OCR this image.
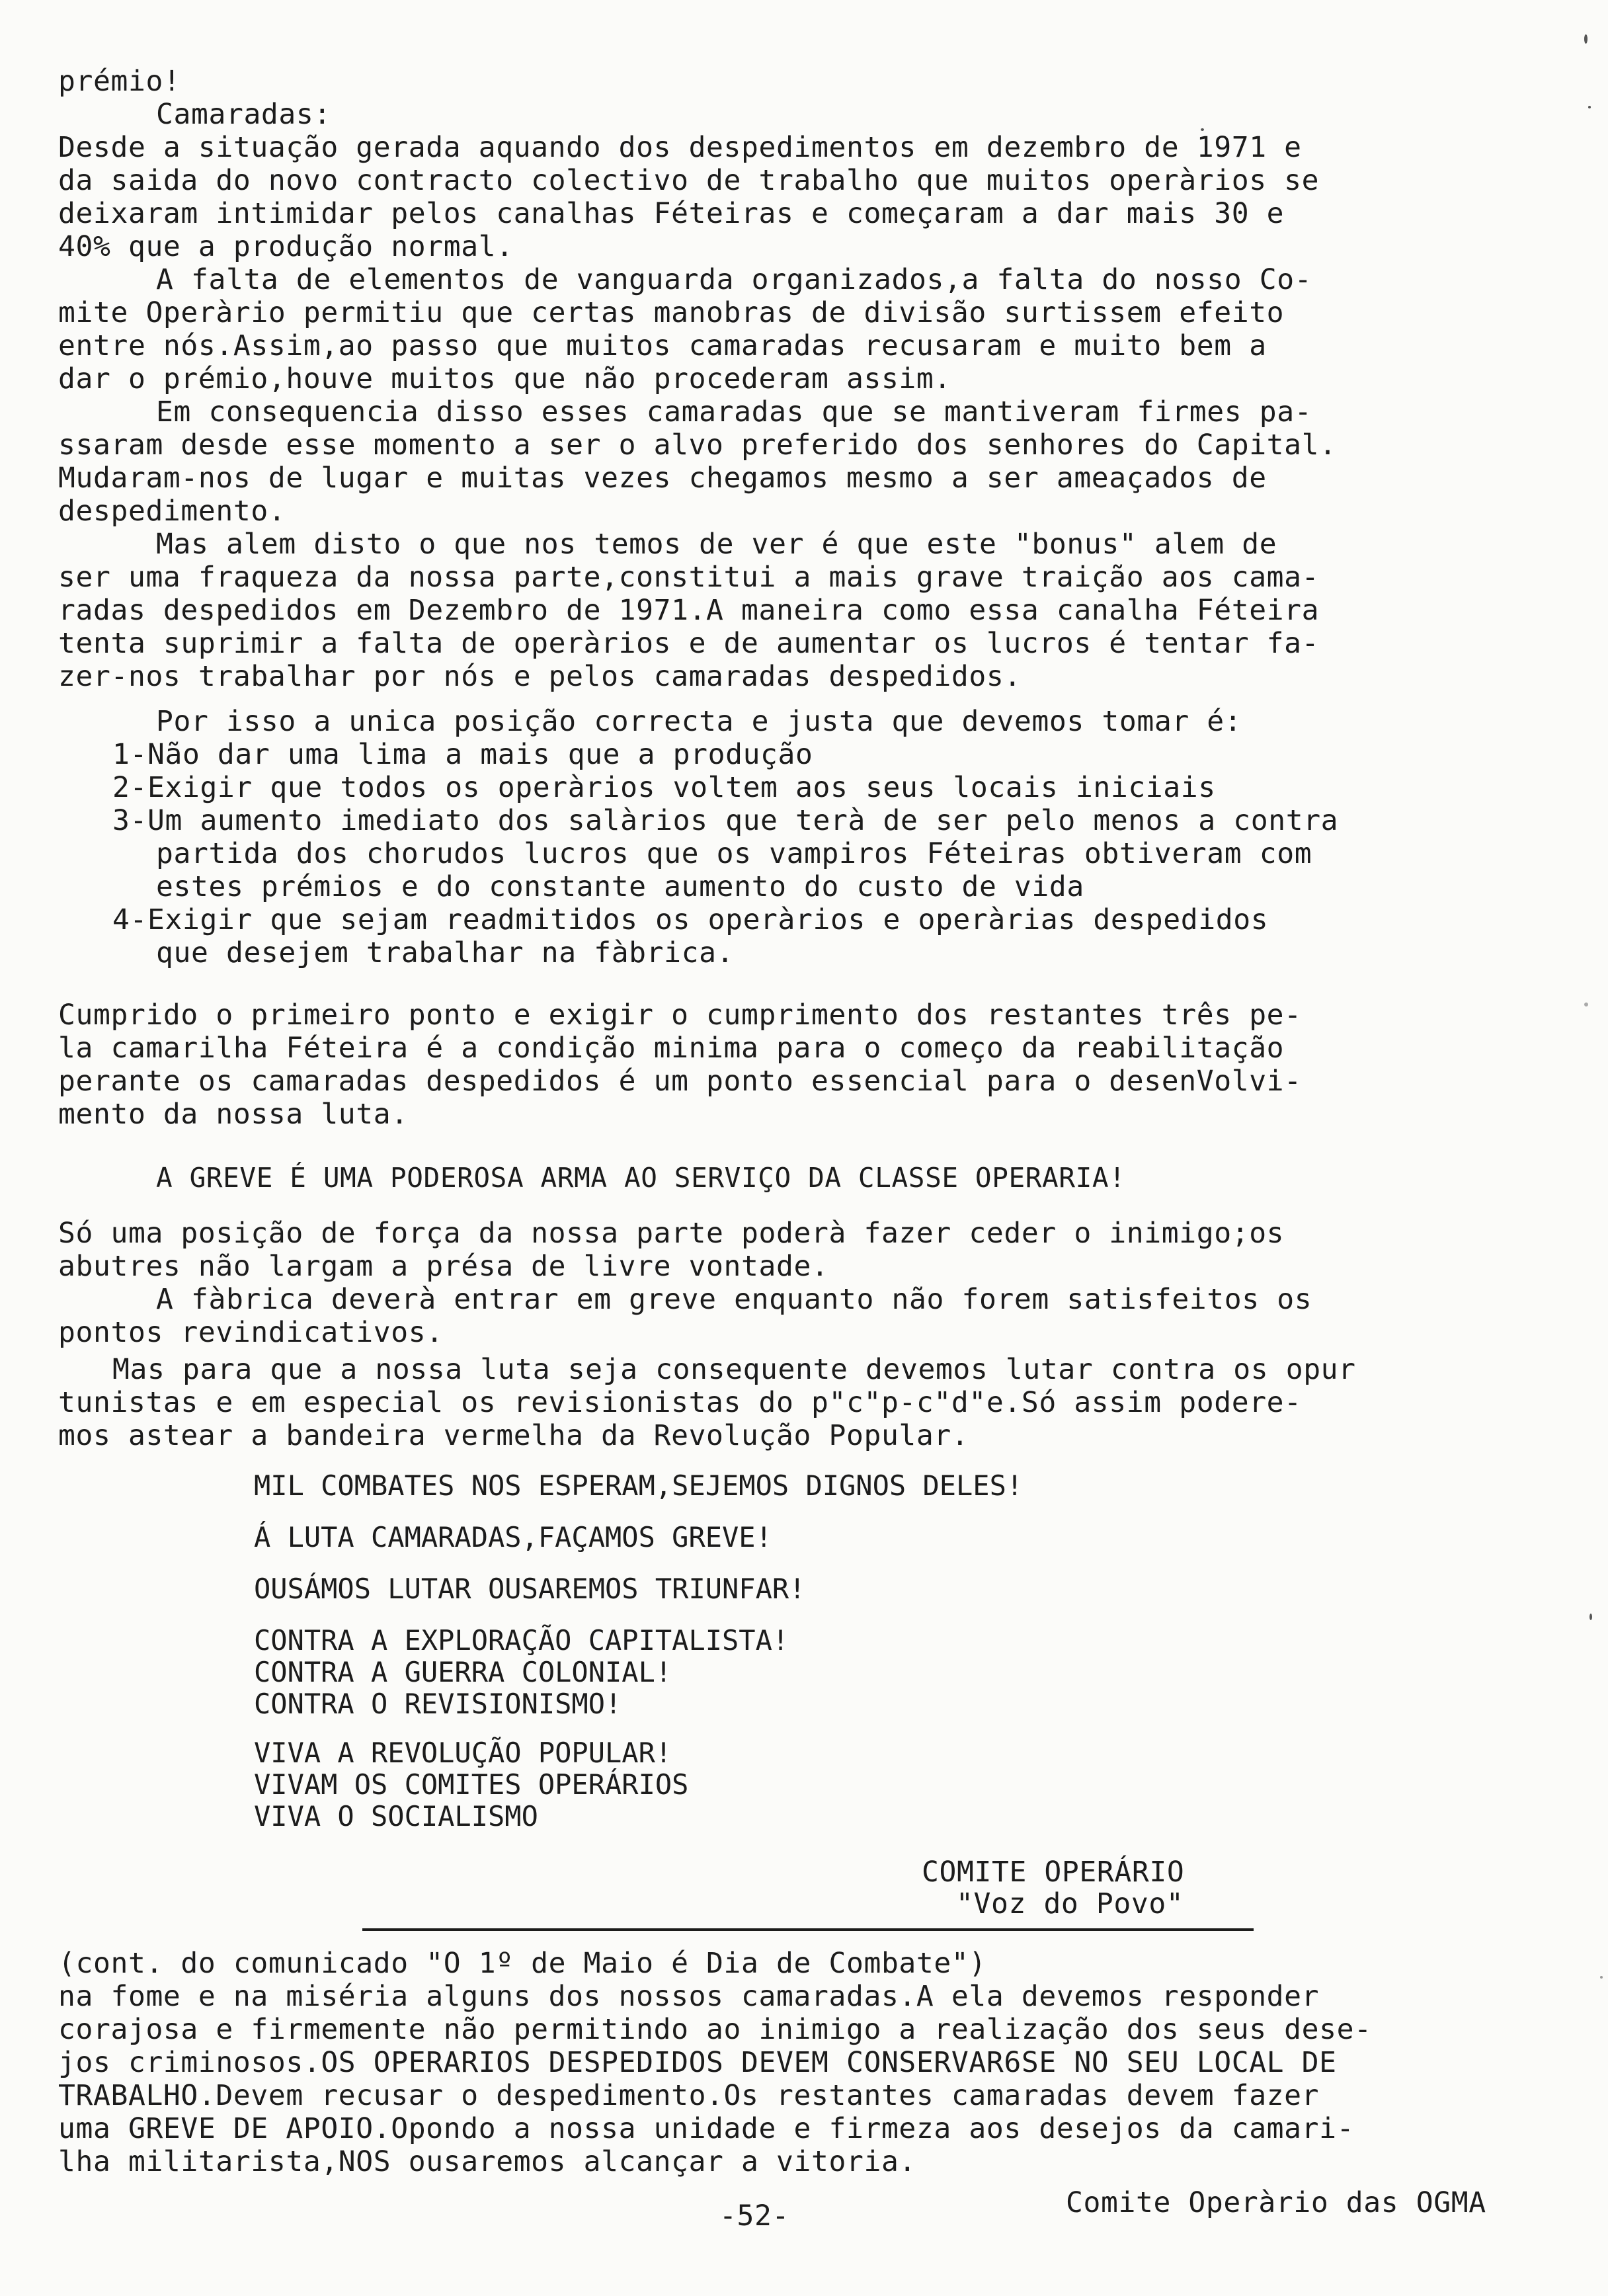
prémio!
Camaradas:
Desde a situação gerada aquando dos despedimentos em dezembro de 1971 e
da saida do novo contracto colectivo de trabalho que muitos operàrios se
deixaram intimidar pelos canalhas Féteiras e começaram a dar mais 30 e
40% que a produção normal.
A falta de elementos de vanguarda organizados,a falta do nosso Co-
mite Operàrio permitiu que certas manobras de divisão surtissem efeito
entre nós.Assim,ao passo que muitos camaradas recusaram e muito bem a
dar o prémio,houve muitos que não procederam assim.
Em consequencia disso esses camaradas que se mantiveram firmes pa-
ssaram desde esse momento a ser o alvo preferido dos senhores do Capital.
Mudaram-nos de lugar e muitas vezes chegamos mesmo a ser ameaçados de
despedimento.
Mas alem disto o que nos temos de ver é que este "bonus" alem de
ser uma fraqueza da nossa parte,constitui a mais grave traição aos cama-
radas despedidos em Dezembro de 1971.A maneira como essa canalha Féteira
tenta suprimir a falta de operàrios e de aumentar os lucros é tentar fa-
zer-nos trabalhar por nós e pelos camaradas despedidos.
Por isso a unica posição correcta e justa que devemos tomar é:
1-Não dar uma lima a mais que a produção
2-Exigir que todos os operàrios voltem aos seus locais iniciais
3-Um aumento imediato dos salàrios que terà de ser pelo menos a contra
partida dos chorudos lucros que os vampiros Féteiras obtiveram com
estes prémios e do constante aumento do custo de vida
4-Exigir que sejam readmitidos os operàrios e operàrias despedidos
que desejem trabalhar na fàbrica.
Cumprido o primeiro ponto e exigir o cumprimento dos restantes três pe-
la camarilha Féteira é a condição minima para o começo da reabilitação
perante os camaradas despedidos é um ponto essencial para o desenVolvi-
mento da nossa luta.
A GREVE É UMA PODEROSA ARMA AO SERVIÇO DA CLASSE OPERARIA!
Só uma posição de força da nossa parte poderà fazer ceder o inimigo;os
abutres não largam a présa de livre vontade.
A fàbrica deverà entrar em greve enquanto não forem satisfeitos os
pontos revindicativos.
Mas para que a nossa luta seja consequente devemos lutar contra os opur
tunistas e em especial os revisionistas do p"c"p-c"d"e.Só assim podere-
mos astear a bandeira vermelha da Revolução Popular.
MIL COMBATES NOS ESPERAM,SEJEMOS DIGNOS DELES!
Á LUTA CAMARADAS,FAÇAMOS GREVE!
OUSÁMOS LUTAR OUSAREMOS TRIUNFAR!
CONTRA A EXPLORAÇÃO CAPITALISTA!
CONTRA A GUERRA COLONIAL!
CONTRA O REVISIONISMO!
VIVA A REVOLUÇÃO POPULAR!
VIVAM OS COMITES OPERÁRIOS
VIVA O SOCIALISMO
COMITE OPERÁRIO
"Voz do Povo"
(cont. do comunicado "O 1º de Maio é Dia de Combate")
na fome e na miséria alguns dos nossos camaradas.A ela devemos responder
corajosa e firmemente não permitindo ao inimigo a realização dos seus dese-
jos criminosos.OS OPERARIOS DESPEDIDOS DEVEM CONSERVAR6SE NO SEU LOCAL DE
TRABALHO.Devem recusar o despedimento.Os restantes camaradas devem fazer
uma GREVE DE APOIO.Opondo a nossa unidade e firmeza aos desejos da camari-
lha militarista,NOS ousaremos alcançar a vitoria.
-52-	Comite Operàrio das OGMA
